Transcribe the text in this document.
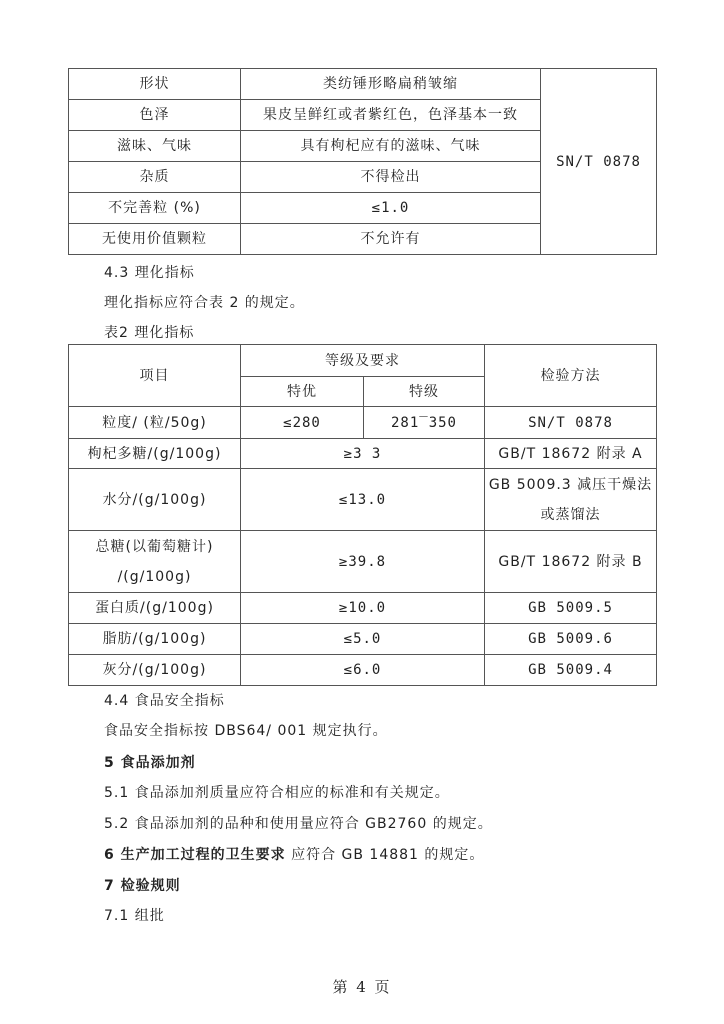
形状	类纺锤形略扁稍皱缩	SN/T 0878
色泽	果皮呈鲜红或者紫红色，色泽基本一致	
滋味、气味	具有枸杞应有的滋味、气味	
杂质	不得检出	
不完善粒 (%)	≤1.0	
无使用价值颗粒	不允许有	
4.3 理化指标
理化指标应符合表 2 的规定。
表2 理化指标
项目	等级及要求		检验方法
	特优	特级	
粒度/ (粒/50g)	≤280	281‾350	SN/T 0878
枸杞多糖/(g/100g)	≥3 3		GB/T 18672 附录 A
水分/(g/100g)	≤13.0		GB 5009.3 减压干燥法
或蒸馏法

总糖(以葡萄糖计)
/(g/100g)	≥39.8		GB/T 18672 附录 B
蛋白质/(g/100g)	≥10.0		GB 5009.5
脂肪/(g/100g)	≤5.0		GB 5009.6
灰分/(g/100g)	≤6.0		GB 5009.4
4.4 食品安全指标
食品安全指标按 DBS64/ 001 规定执行。
5 食品添加剂
5.1 食品添加剂质量应符合相应的标准和有关规定。
5.2 食品添加剂的品种和使用量应符合 GB2760 的规定。
6 生产加工过程的卫生要求 应符合 GB 14881 的规定。
7 检验规则
7.1 组批
第 4 页
